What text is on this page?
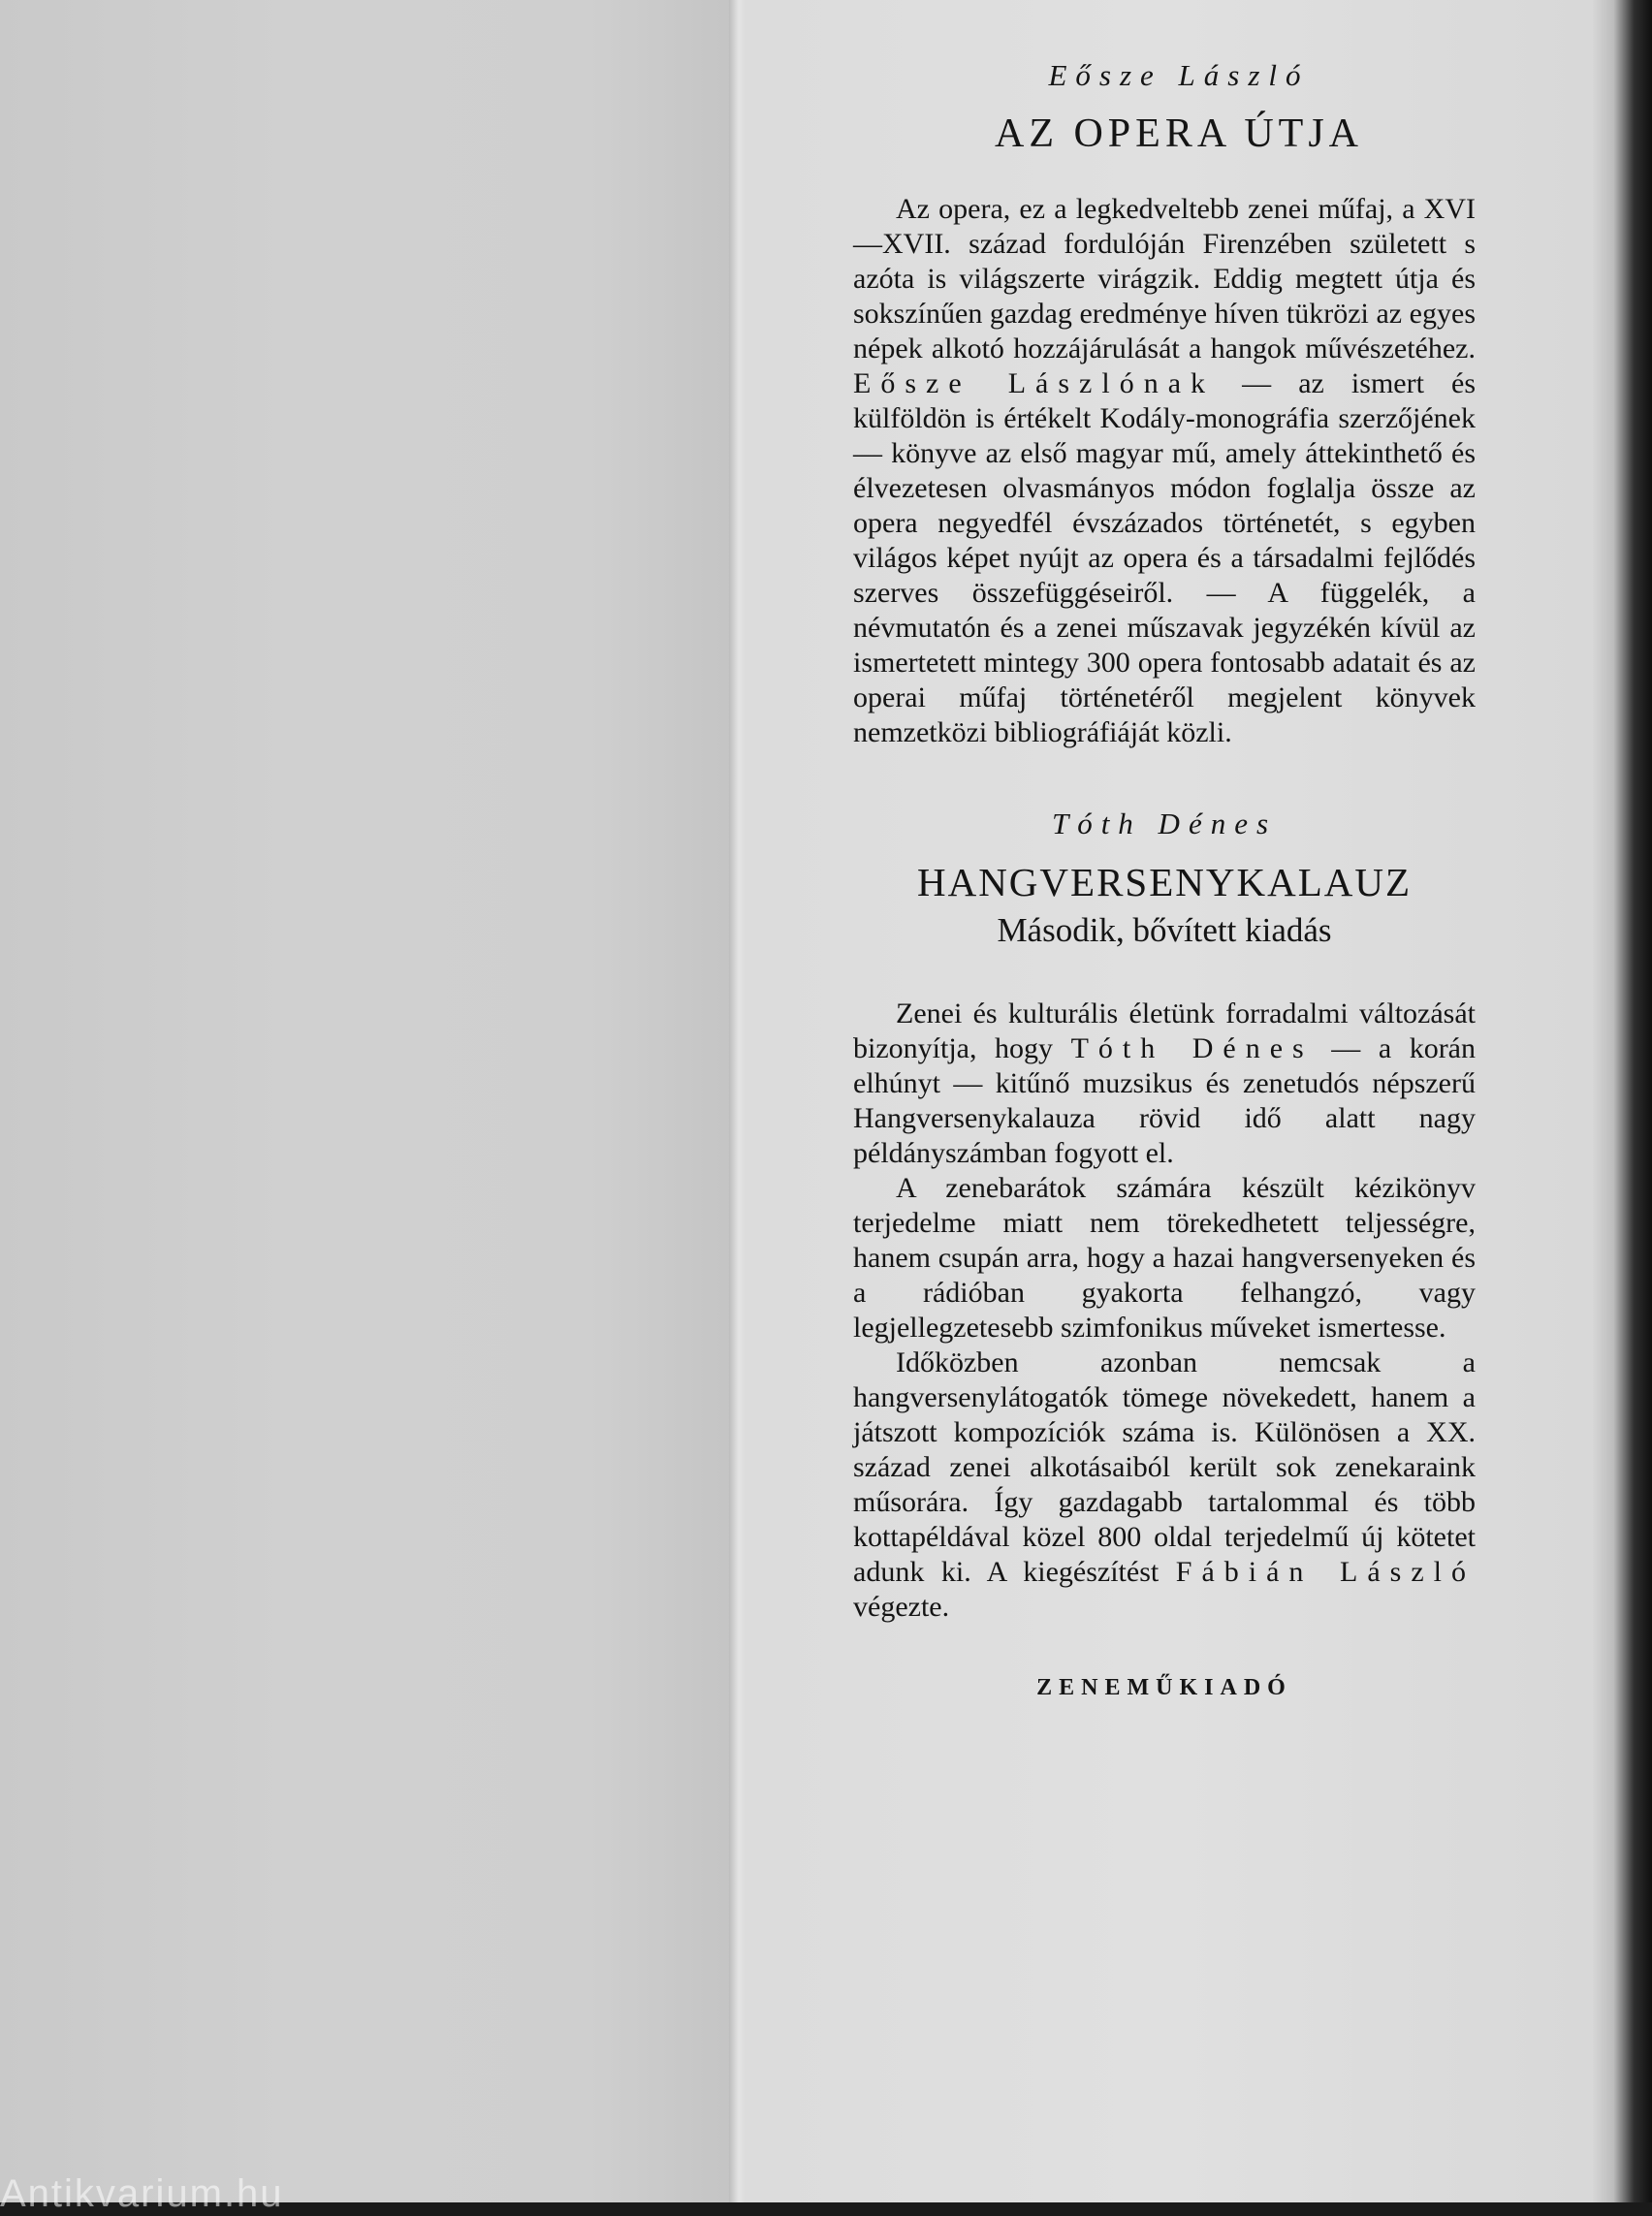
Eősze László
AZ OPERA ÚTJA

Az opera, ez a legkedveltebb zenei műfaj, a XVI—XVII. század fordulóján Firenzében született s azóta is világszerte virágzik. Eddig megtett útja és sokszínűen gazdag eredménye híven tükrözi az egyes népek alkotó hozzájárulását a hangok művészetéhez. Eősze Lászlónak — az ismert és külföldön is értékelt Kodály-monográfia szerzőjének — könyve az első magyar mű, amely áttekinthető és élvezetesen olvasmányos módon foglalja össze az opera negyedfél évszázados történetét, s egyben világos képet nyújt az opera és a társadalmi fejlődés szerves összefüggéseiről. — A függelék, a névmutatón és a zenei műszavak jegyzékén kívül az ismertetett mintegy 300 opera fontosabb adatait és az operai műfaj történetéről megjelent könyvek nemzetközi bibliográfiáját közli.

Tóth Dénes
HANGVERSENYKALAUZ
Második, bővített kiadás

Zenei és kulturális életünk forradalmi változását bizonyítja, hogy Tóth Dénes — a korán elhúnyt — kitűnő muzsikus és zenetudós népszerű Hangversenykalauza rövid idő alatt nagy példányszámban fogyott el.

A zenebarátok számára készült kézikönyv terjedelme miatt nem törekedhetett teljességre, hanem csupán arra, hogy a hazai hangversenyeken és a rádióban gyakorta felhangzó, vagy legjellegzetesebb szimfonikus műveket ismertesse.

Időközben azonban nemcsak a hangversenylátogatók tömege növekedett, hanem a játszott kompozíciók száma is. Különösen a XX. század zenei alkotásaiból került sok zenekaraink műsorára. Így gazdagabb tartalommal és több kottapéldával közel 800 oldal terjedelmű új kötetet adunk ki. A kiegészítést Fábián László végezte.

ZENEMŰKIADÓ
Antikvarium.hu
